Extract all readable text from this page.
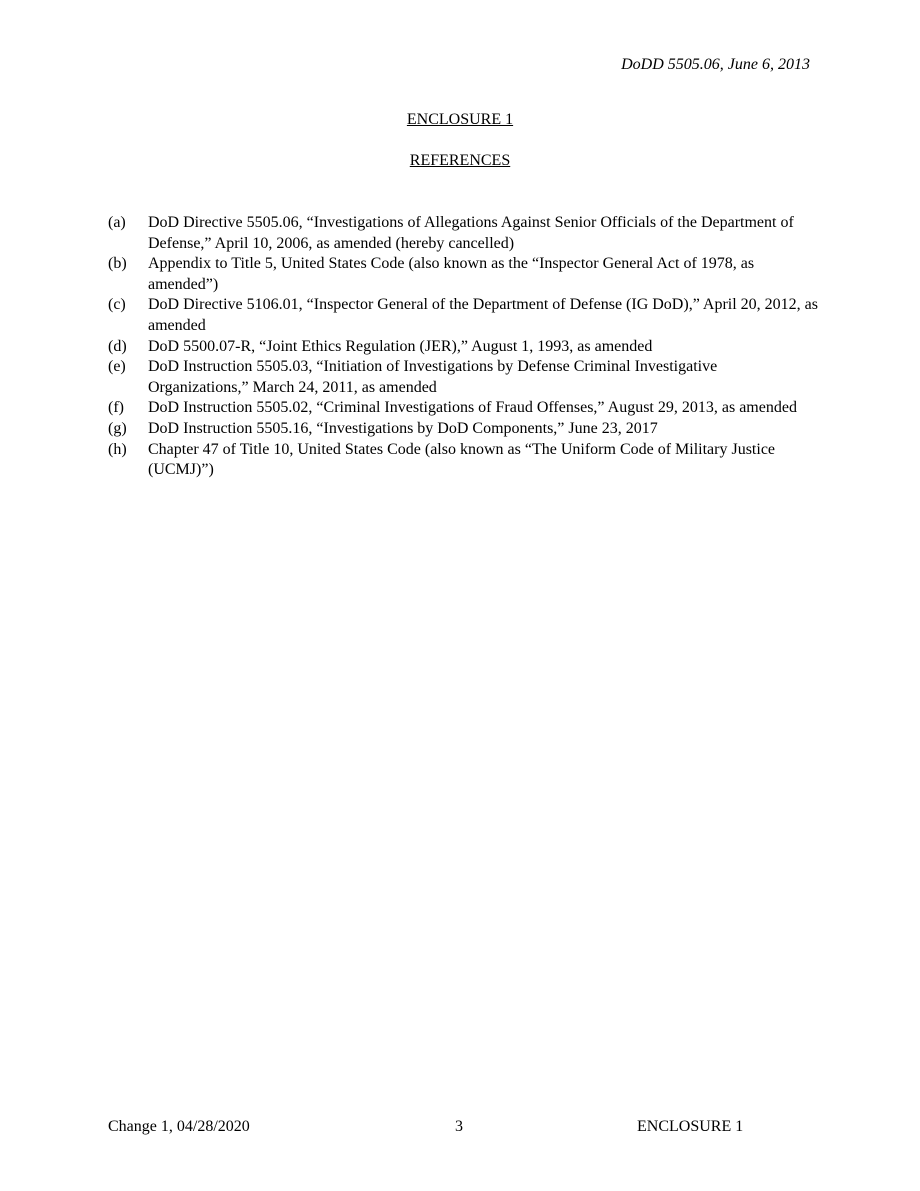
DoDD 5505.06, June 6, 2013
ENCLOSURE 1
REFERENCES
(a) DoD Directive 5505.06, “Investigations of Allegations Against Senior Officials of the Department of Defense,” April 10, 2006, as amended (hereby cancelled)
(b) Appendix to Title 5, United States Code (also known as the “Inspector General Act of 1978, as amended”)
(c) DoD Directive 5106.01, “Inspector General of the Department of Defense (IG DoD),” April 20, 2012, as amended
(d) DoD 5500.07-R, “Joint Ethics Regulation (JER),” August 1, 1993, as amended
(e) DoD Instruction 5505.03, “Initiation of Investigations by Defense Criminal Investigative Organizations,” March 24, 2011, as amended
(f) DoD Instruction 5505.02, “Criminal Investigations of Fraud Offenses,” August 29, 2013, as amended
(g) DoD Instruction 5505.16, “Investigations by DoD Components,” June 23, 2017
(h) Chapter 47 of Title 10, United States Code (also known as “The Uniform Code of Military Justice (UCMJ)”)
Change 1, 04/28/2020	3	ENCLOSURE 1
